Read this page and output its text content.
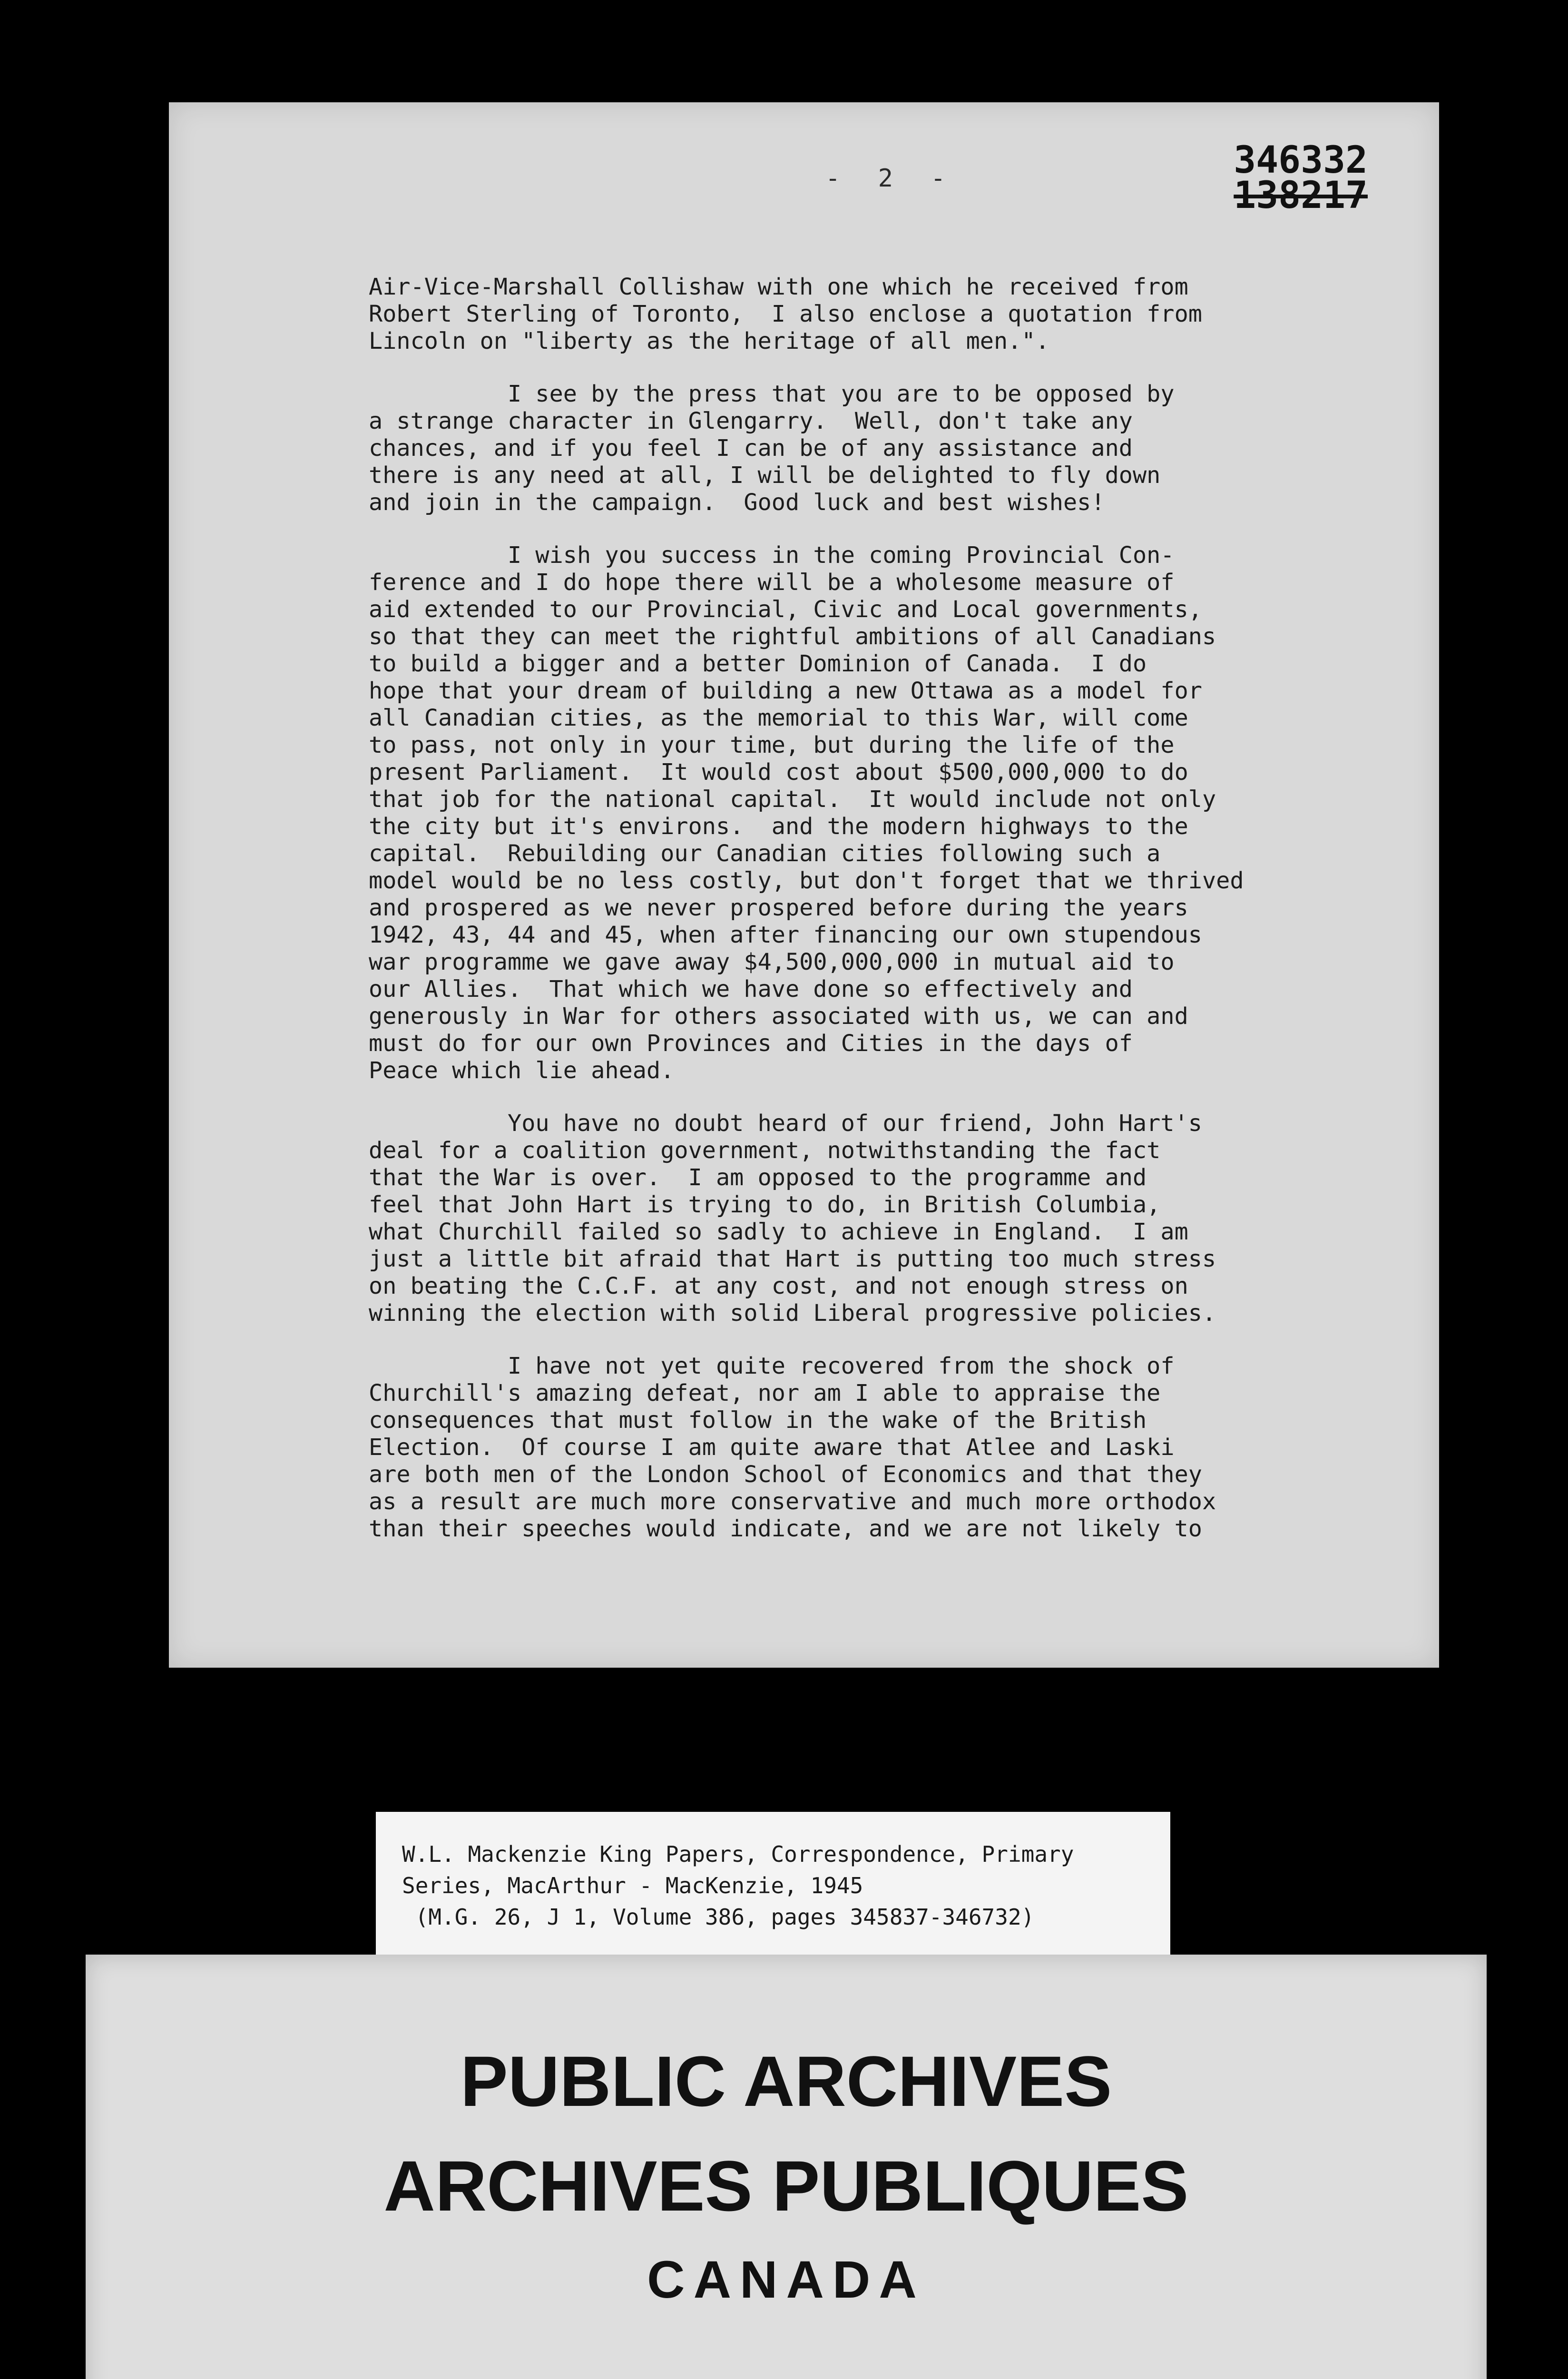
- 2 -	346332
138217
Air-Vice-Marshall Collishaw with one which he received from
Robert Sterling of Toronto,  I also enclose a quotation from
Lincoln on "liberty as the heritage of all men.".
I see by the press that you are to be opposed by
a strange character in Glengarry.  Well, don't take any
chances, and if you feel I can be of any assistance and
there is any need at all, I will be delighted to fly down
and join in the campaign.  Good luck and best wishes!
I wish you success in the coming Provincial Con-
ference and I do hope there will be a wholesome measure of
aid extended to our Provincial, Civic and Local governments,
so that they can meet the rightful ambitions of all Canadians
to build a bigger and a better Dominion of Canada.  I do
hope that your dream of building a new Ottawa as a model for
all Canadian cities, as the memorial to this War, will come
to pass, not only in your time, but during the life of the
present Parliament.  It would cost about $500,000,000 to do
that job for the national capital.  It would include not only
the city but it's environs.  and the modern highways to the
capital.  Rebuilding our Canadian cities following such a
model would be no less costly, but don't forget that we thrived
and prospered as we never prospered before during the years
1942, 43, 44 and 45, when after financing our own stupendous
war programme we gave away $4,500,000,000 in mutual aid to
our Allies.  That which we have done so effectively and
generously in War for others associated with us, we can and
must do for our own Provinces and Cities in the days of
Peace which lie ahead.
You have no doubt heard of our friend, John Hart's
deal for a coalition government, notwithstanding the fact
that the War is over.  I am opposed to the programme and
feel that John Hart is trying to do, in British Columbia,
what Churchill failed so sadly to achieve in England.  I am
just a little bit afraid that Hart is putting too much stress
on beating the C.C.F. at any cost, and not enough stress on
winning the election with solid Liberal progressive policies.
I have not yet quite recovered from the shock of
Churchill's amazing defeat, nor am I able to appraise the
consequences that must follow in the wake of the British
Election.  Of course I am quite aware that Atlee and Laski
are both men of the London School of Economics and that they
as a result are much more conservative and much more orthodox
than their speeches would indicate, and we are not likely to
W.L. Mackenzie King Papers, Correspondence, Primary
Series, MacArthur - MacKenzie, 1945
(M.G. 26, J 1, Volume 386, pages 345837-346732)
PUBLIC ARCHIVES
ARCHIVES PUBLIQUES
CANADA
